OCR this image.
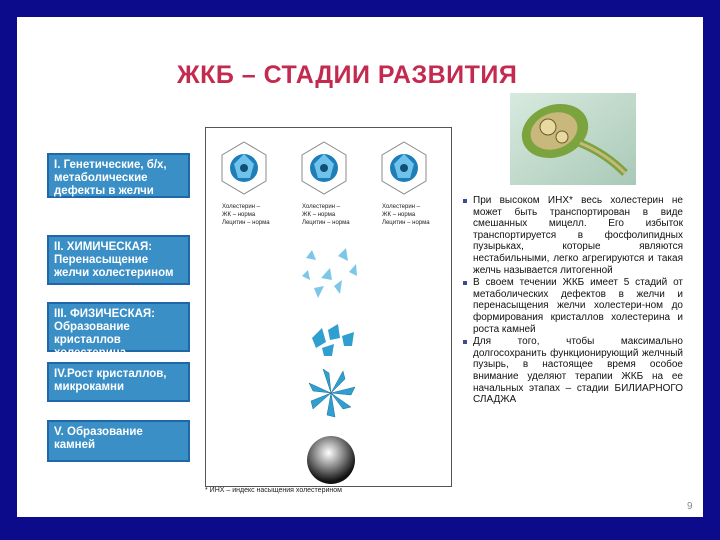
ЖКБ – СТАДИИ РАЗВИТИЯ
I. Генетические, б/х, метаболические дефекты в желчи
II. ХИМИЧЕСКАЯ: Перенасыщение желчи холестерином
III. ФИЗИЧЕСКАЯ: Образование кристаллов холестерина
IV.Рост кристаллов, микрокамни
V. Образование камней
Холестерин –
ЖК – норма
Лецитин – норма
Холестерин –
ЖК – норма
Лецитин – норма
Холестерин –
ЖК – норма
Лецитин – норма
* ИНХ – индекс насыщения холестерином
При высоком ИНХ* весь холестерин не может быть транспортирован в виде смешанных мицелл. Его избыток транспортируется в фосфолипидных пузырьках, которые являются нестабильными, легко агрегируются и такая желчь называется литогенной
В своем течении ЖКБ имеет 5 стадий от метаболических дефектов в желчи и перенасыщения желчи холестери-ном до формирования кристаллов холестерина и роста камней
Для того, чтобы максимально долгосохранить функционирующий желчный пузырь, в настоящее время особое внимание уделяют терапии ЖКБ на ее начальных этапах – стадии БИЛИАРНОГО СЛАДЖА
9
